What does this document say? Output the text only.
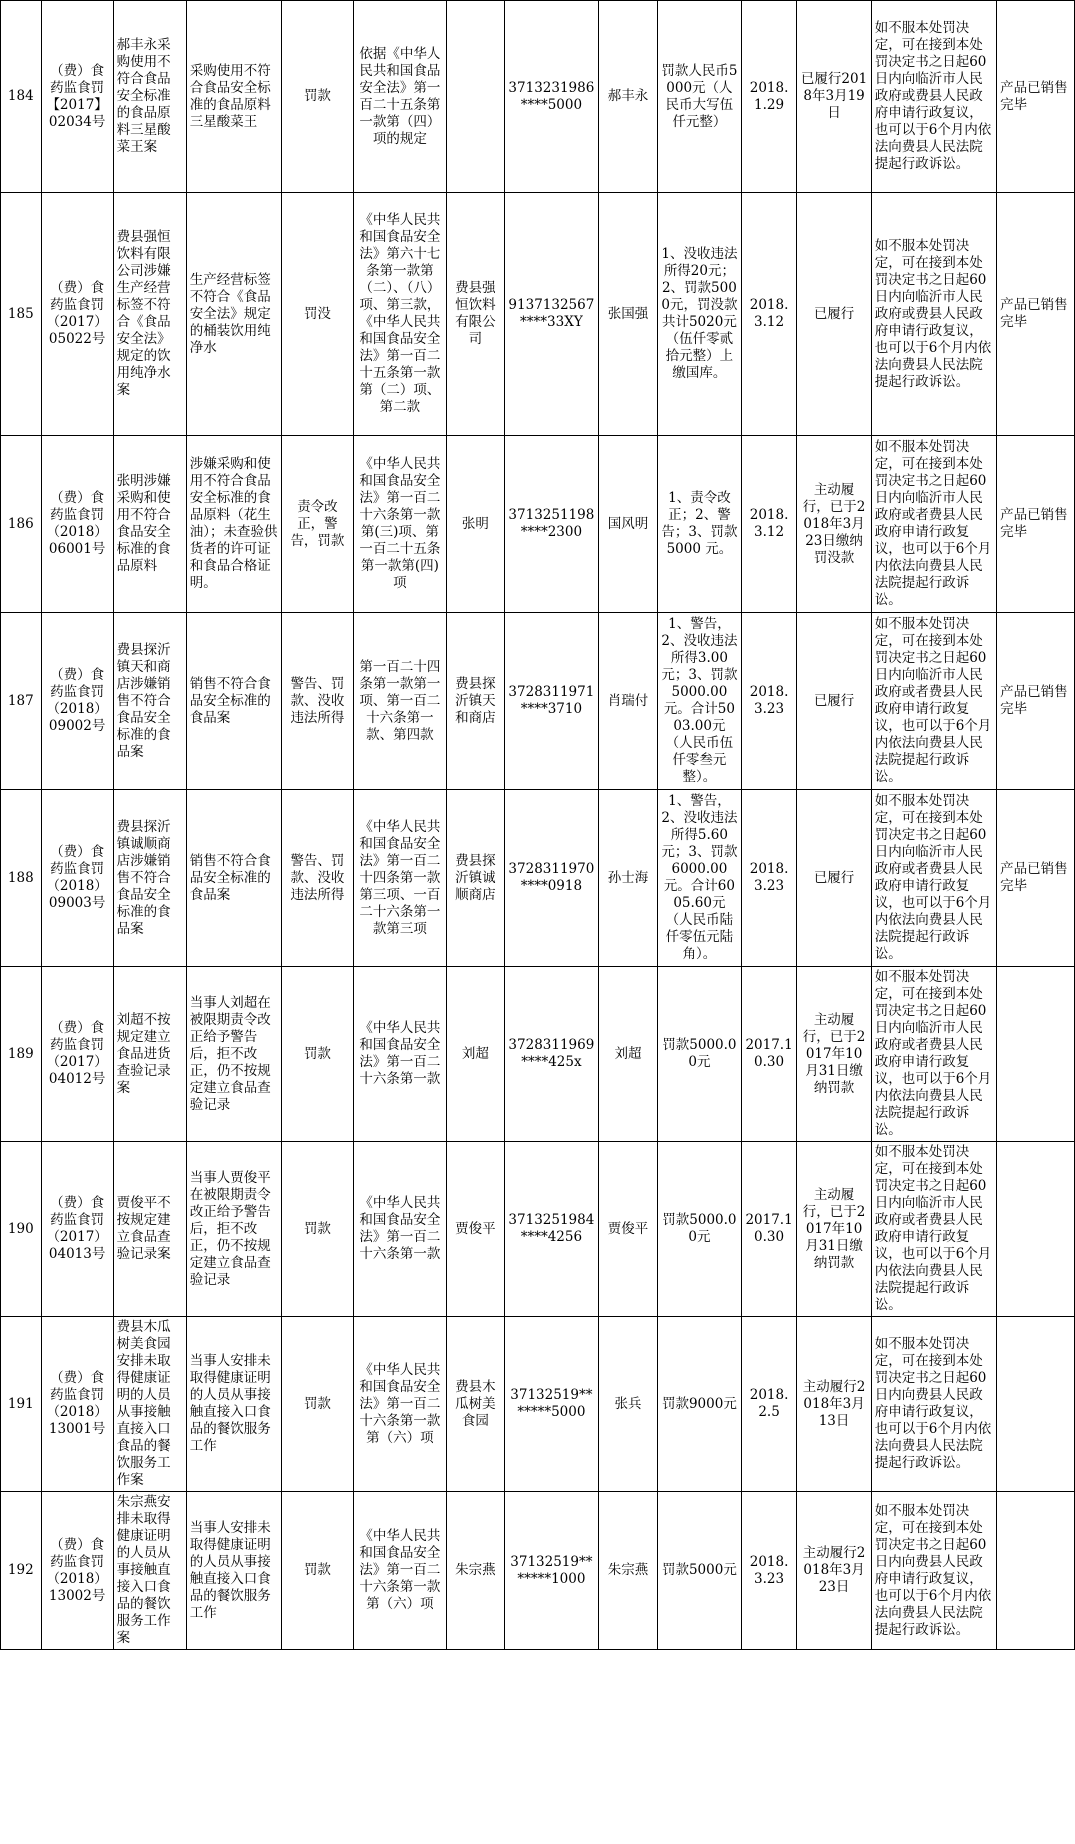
184	（费）食药监食罚【2017】02034号	郝丰永采购使用不符合食品安全标准的食品原料三星酸菜王案	采购使用不符合食品安全标准的食品原料三星酸菜王	罚款	依据《中华人民共和国食品安全法》第一百二十五条第一款第（四）项的规定		3713231986****5000	郝丰永	罚款人民币5000元（人民币大写伍仟元整）	2018.1.29	已履行2018年3月19日	如不服本处罚决定，可在接到本处罚决定书之日起60日内向临沂市人民政府或费县人民政府申请行政复议，也可以于6个月内依法向费县人民法院提起行政诉讼。	产品已销售完毕
185	（费）食药监食罚（2017）05022号	费县强恒饮料有限公司涉嫌生产经营标签不符合《食品安全法》规定的饮用纯净水案	生产经营标签不符合《食品安全法》规定的桶装饮用纯净水	罚没	《中华人民共和国食品安全法》第六十七条第一款第（二）、（八）项、第三款，《中华人民共和国食品安全法》第一百二十五条第一款第（二）项、第二款	费县强恒饮料有限公司	9137132567****33XY	张国强	1、没收违法所得20元；2、罚款5000元，罚没款共计5020元（伍仟零贰拾元整）上缴国库。	2018.3.12	已履行	如不服本处罚决定，可在接到本处罚决定书之日起60日内向临沂市人民政府或费县人民政府申请行政复议，也可以于6个月内依法向费县人民法院提起行政诉讼。	产品已销售完毕
186	（费）食药监食罚（2018）06001号	张明涉嫌采购和使用不符合食品安全标准的食品原料	涉嫌采购和使用不符合食品安全标准的食品原料（花生油）；未查验供货者的许可证和食品合格证明。	责令改正，警告，罚款	《中华人民共和国食品安全法》第一百二十六条第一款第(三)项、第一百二十五条第一款第(四)项	张明	3713251198****2300	国风明	1、责令改正；2、警告；3、罚款 5000 元。	2018.3.12	主动履行，已于2018年3月23日缴纳罚没款	如不服本处罚决定，可在接到本处罚决定书之日起60日内向临沂市人民政府或者费县人民政府申请行政复议，也可以于6个月内依法向费县人民法院提起行政诉讼。	产品已销售完毕
187	（费）食药监食罚（2018）09002号	费县探沂镇天和商店涉嫌销售不符合食品安全标准的食品案	销售不符合食品安全标准的食品案	警告、罚款、没收违法所得	第一百二十四条第一款第一项、第一百二十六条第一款、第四款	费县探沂镇天和商店	3728311971****3710	肖瑞付	1、警告，2、没收违法所得3.00元；3、罚款5000.00元。合计5003.00元（人民币伍仟零叁元整）。	2018.3.23	已履行	如不服本处罚决定，可在接到本处罚决定书之日起60日内向临沂市人民政府或者费县人民政府申请行政复议，也可以于6个月内依法向费县人民法院提起行政诉讼。	产品已销售完毕
188	（费）食药监食罚（2018）09003号	费县探沂镇诚顺商店涉嫌销售不符合食品安全标准的食品案	销售不符合食品安全标准的食品案	警告、罚款、没收违法所得	《中华人民共和国食品安全法》第一百二十四条第一款第三项、一百二十六条第一款第三项	费县探沂镇诚顺商店	3728311970****0918	孙士海	1、警告，2、没收违法所得5.60元；3、罚款6000.00元。合计6005.60元（人民币陆仟零伍元陆角）。	2018.3.23	已履行	如不服本处罚决定，可在接到本处罚决定书之日起60日内向临沂市人民政府或者费县人民政府申请行政复议，也可以于6个月内依法向费县人民法院提起行政诉讼。	产品已销售完毕
189	（费）食药监食罚（2017）04012号	刘超不按规定建立食品进货查验记录案	当事人刘超在被限期责令改正给予警告后，拒不改正，仍不按规定建立食品查验记录	罚款	《中华人民共和国食品安全法》第一百二十六条第一款	刘超	3728311969****425x	刘超	罚款5000.00元	2017.10.30	主动履行，已于2017年10月31日缴纳罚款	如不服本处罚决定，可在接到本处罚决定书之日起60日内向临沂市人民政府或者费县人民政府申请行政复议，也可以于6个月内依法向费县人民法院提起行政诉讼。	
190	（费）食药监食罚（2017）04013号	贾俊平不按规定建立食品查验记录案	当事人贾俊平在被限期责令改正给予警告后，拒不改正，仍不按规定建立食品查验记录	罚款	《中华人民共和国食品安全法》第一百二十六条第一款	贾俊平	3713251984****4256	贾俊平	罚款5000.00元	2017.10.30	主动履行，已于2017年10月31日缴纳罚款	如不服本处罚决定，可在接到本处罚决定书之日起60日内向临沂市人民政府或者费县人民政府申请行政复议，也可以于6个月内依法向费县人民法院提起行政诉讼。	
191	（费）食药监食罚（2018）13001号	费县木瓜树美食园安排未取得健康证明的人员从事接触直接入口食品的餐饮服务工作案	当事人安排未取得健康证明的人员从事接触直接入口食品的餐饮服务工作	罚款	《中华人民共和国食品安全法》第一百二十六条第一款第（六）项	费县木瓜树美食园	37132519*******5000	张兵	罚款9000元	2018.2.5	主动履行2018年3月13日	如不服本处罚决定，可在接到本处罚决定书之日起60日内向费县人民政府申请行政复议，也可以于6个月内依法向费县人民法院提起行政诉讼。	
192	（费）食药监食罚（2018）13002号	朱宗燕安排未取得健康证明的人员从事接触直接入口食品的餐饮服务工作案	当事人安排未取得健康证明的人员从事接触直接入口食品的餐饮服务工作	罚款	《中华人民共和国食品安全法》第一百二十六条第一款第（六）项	朱宗燕	37132519*******1000	朱宗燕	罚款5000元	2018.3.23	主动履行2018年3月23日	如不服本处罚决定，可在接到本处罚决定书之日起60日内向费县人民政府申请行政复议，也可以于6个月内依法向费县人民法院提起行政诉讼。	
